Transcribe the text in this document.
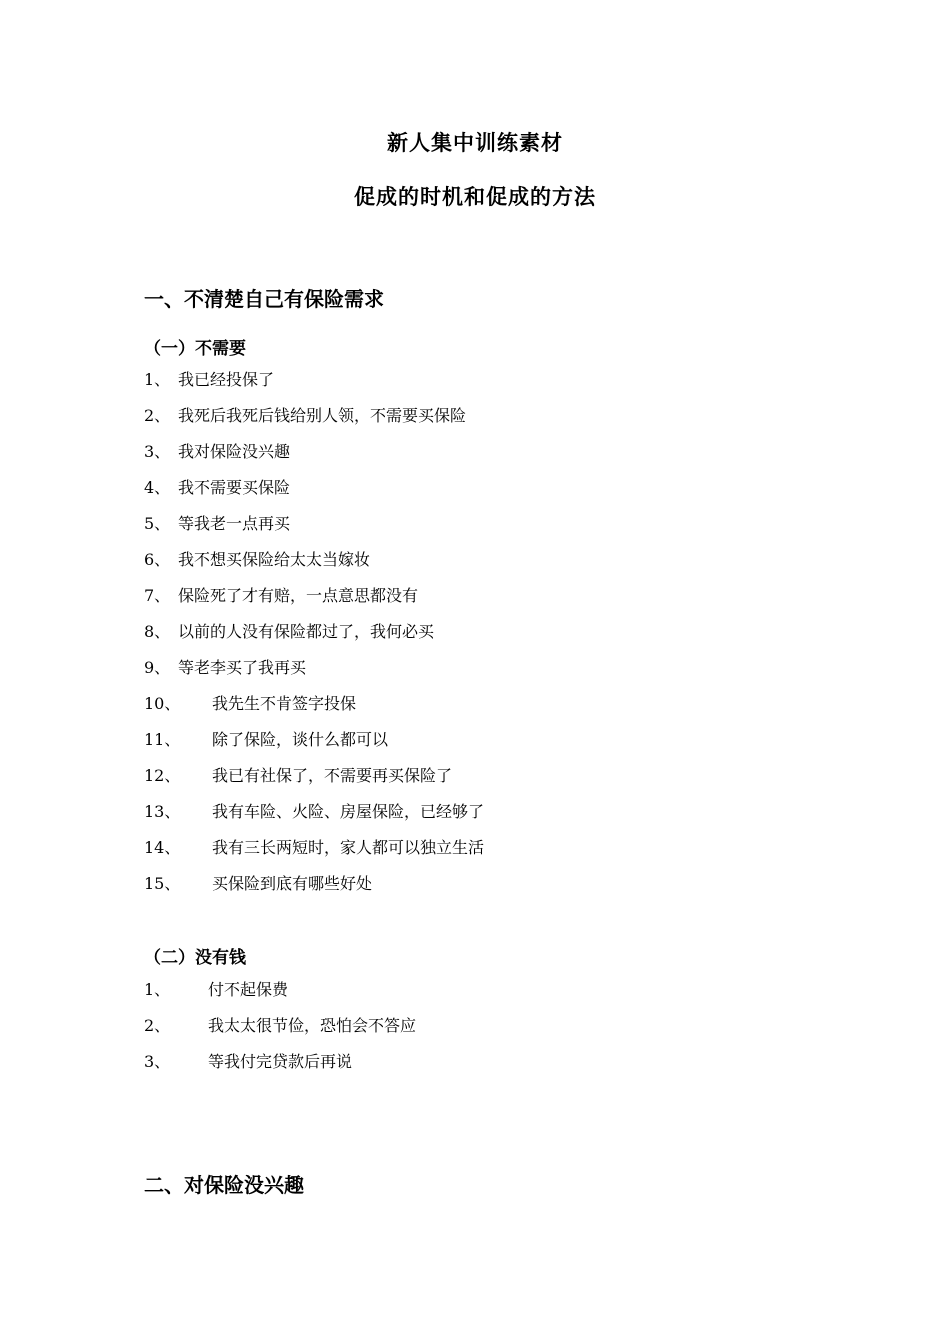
新人集中训练素材
促成的时机和促成的方法
一、不清楚自己有保险需求
（一）不需要
1、 我已经投保了
2、 我死后我死后钱给别人领，不需要买保险
3、 我对保险没兴趣
4、 我不需要买保险
5、 等我老一点再买
6、 我不想买保险给太太当嫁妆
7、 保险死了才有赔，一点意思都没有
8、 以前的人没有保险都过了，我何必买
9、 等老李买了我再买
10、	我先生不肯签字投保
11、	除了保险，谈什么都可以
12、	我已有社保了，不需要再买保险了
13、	我有车险、火险、房屋保险，已经够了
14、	我有三长两短时，家人都可以独立生活
15、	买保险到底有哪些好处
（二）没有钱
1、	付不起保费
2、	我太太很节俭，恐怕会不答应
3、	等我付完贷款后再说
二、对保险没兴趣
